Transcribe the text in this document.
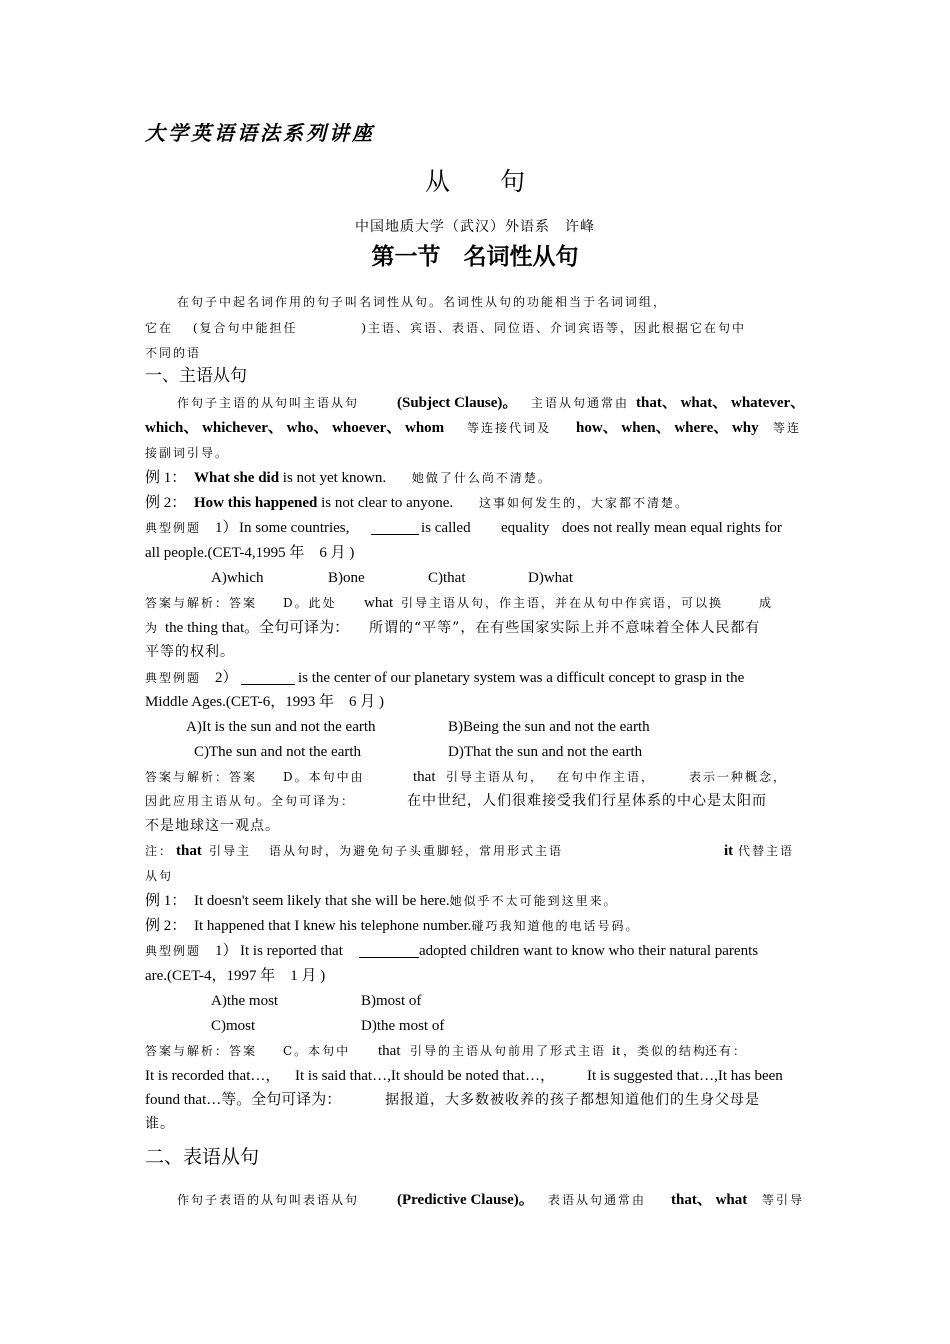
大学英语语法系列讲座
从　　句
中国地质大学（武汉）外语系　许峰
第一节　名词性从句
在句子中起名词作用的句子叫名词性从句。名词性从句的功能相当于名词词组，
它在 (复合句中能担任	)主语、宾语、表语、同位语、介词宾语等，因此根据它在句中
不同的语
一、主语从句
作句子主语的从句叫主语从句	(Subject Clause)。 主语从句通常由 that、 what、 whatever、
which、 whichever、 who、 whoever、 whom 等连接代词及 how、 when、 where、 why 等连
接副词引导。
例 1： What she did is not yet known. 她做了什么尚不清楚。
例 2： How this happened is not clear to anyone. 这事如何发生的，大家都不清楚。
典型例题 1） In some countries,	is called equality does not really mean equal rights for
all people.(CET-4,1995 年　6 月 )
A)which	B)one	C)that	D)what
答案与解析：答案 D。此处 what 引导主语从句，作主语，并在从句中作宾语，可以换	成
为 the thing that。全句可译为： 所谓的“平等”，在有些国家实际上并不意味着全体人民都有
平等的权利。
典型例题 2）	is the center of our planetary system was a difficult concept to grasp in the
Middle Ages.(CET-6，1993 年　6 月 )
A)It is the sun and not the earth	B)Being the sun and not the earth
C)The sun and not the earth	D)That the sun and not the earth
答案与解析：答案 D。本句中由	that 引导主语从句， 在句中作主语，	表示一种概念，
因此应用主语从句。全句可译为：	在中世纪，人们很难接受我们行星体系的中心是太阳而
不是地球这一观点。
注： that 引导主 语从句时，为避免句子头重脚轻，常用形式主语	it 代替主语
从句
例 1： It doesn't seem likely that she will be here.她似乎不太可能到这里来。
例 2： It happened that I knew his telephone number.碰巧我知道他的电话号码。
典型例题 1） It is reported that	adopted children want to know who their natural parents
are.(CET-4，1997 年　1 月 )
A)the most	B)most of
C)most	D)the most of
答案与解析：答案 C。本句中 that 引导的主语从句前用了形式主语 it ，类似的结构
还有：
It is recorded that…， It is said that…,It should be noted that…， It is suggested that…,It has been
found that…等。全句可译为：	据报道，大多数被收养的孩子都想知道他们的生身父母是
谁。
二、表语从句
作句子表语的从句叫表语从句	(Predictive Clause)。 表语从句通常由 that、 what 等引导
